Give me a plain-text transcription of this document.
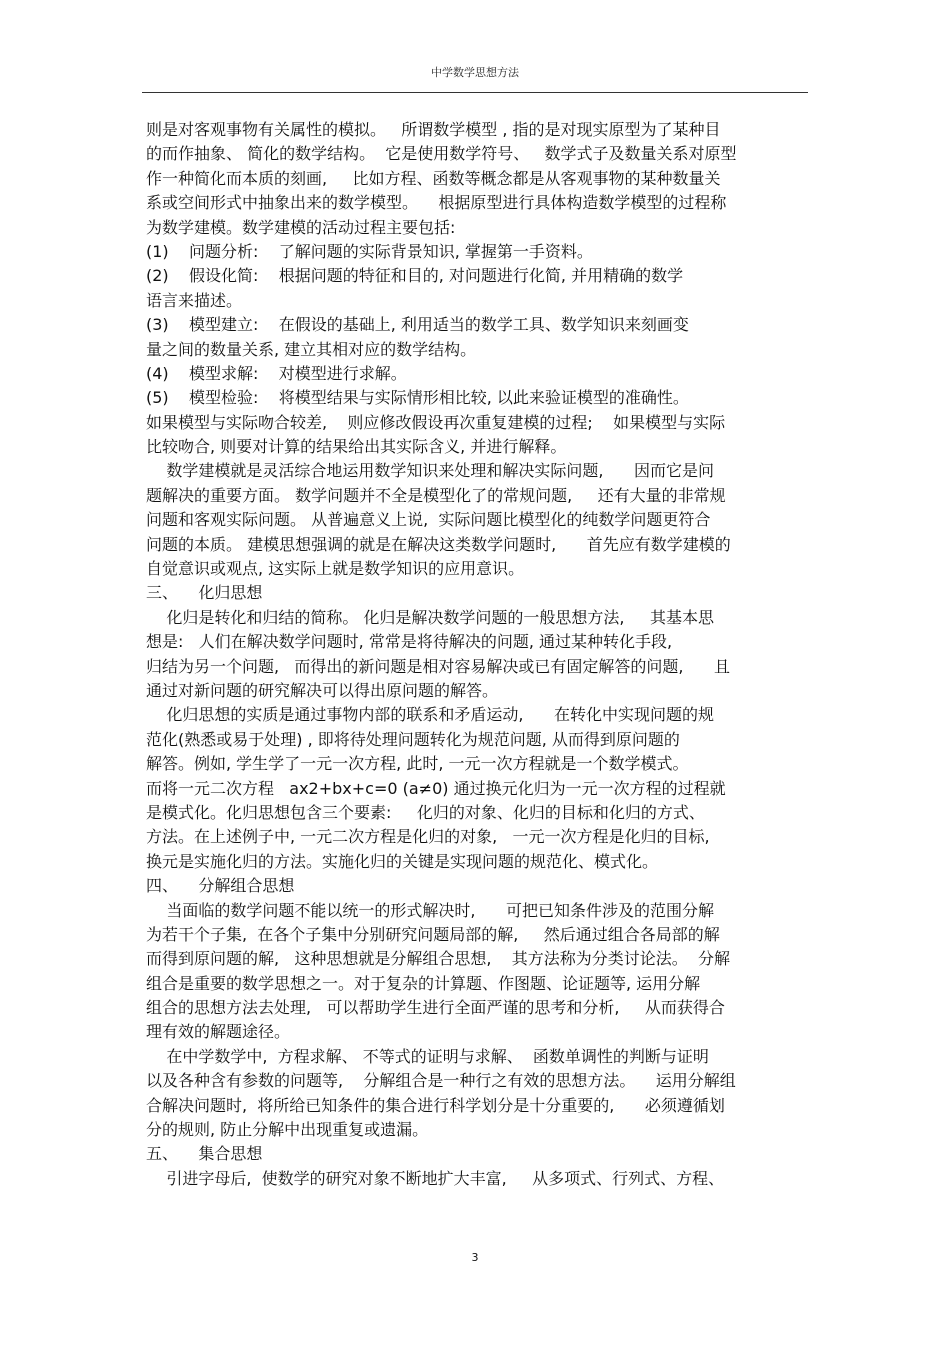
中学数学思想方法
则是对客观事物有关属性的模拟。   所谓数学模型 , 指的是对现实原型为了某种目
的而作抽象、 简化的数学结构。  它是使用数学符号、   数学式子及数量关系对原型
作一种简化而本质的刻画,     比如方程、函数等概念都是从客观事物的某种数量关
系或空间形式中抽象出来的数学模型。    根据原型进行具体构造数学模型的过程称
为数学建模。数学建模的活动过程主要包括:
(1)    问题分析:    了解问题的实际背景知识, 掌握第一手资料。
(2)    假设化简:    根据问题的特征和目的, 对问题进行化简, 并用精确的数学
语言来描述。
(3)    模型建立:    在假设的基础上, 利用适当的数学工具、数学知识来刻画变
量之间的数量关系, 建立其相对应的数学结构。
(4)    模型求解:    对模型进行求解。
(5)    模型检验:    将模型结果与实际情形相比较, 以此来验证模型的准确性。
如果模型与实际吻合较差,    则应修改假设再次重复建模的过程;    如果模型与实际
比较吻合, 则要对计算的结果给出其实际含义, 并进行解释。
数学建模就是灵活综合地运用数学知识来处理和解决实际问题,      因而它是问
题解决的重要方面。 数学问题并不全是模型化了的常规问题,     还有大量的非常规
问题和客观实际问题。 从普遍意义上说,  实际问题比模型化的纯数学问题更符合
问题的本质。 建模思想强调的就是在解决这类数学问题时,      首先应有数学建模的
自觉意识或观点, 这实际上就是数学知识的应用意识。
三、    化归思想
化归是转化和归结的简称。 化归是解决数学问题的一般思想方法,     其基本思
想是:   人们在解决数学问题时, 常常是将待解决的问题, 通过某种转化手段,
归结为另一个问题,   而得出的新问题是相对容易解决或已有固定解答的问题,      且
通过对新问题的研究解决可以得出原问题的解答。
化归思想的实质是通过事物内部的联系和矛盾运动,      在转化中实现问题的规
范化(熟悉或易于处理) , 即将待处理问题转化为规范问题, 从而得到原问题的
解答。例如, 学生学了一元一次方程, 此时, 一元一次方程就是一个数学模式。
而将一元二次方程   ax2+bx+c=0 (a≠0) 通过换元化归为一元一次方程的过程就
是模式化。化归思想包含三个要素:     化归的对象、化归的目标和化归的方式、
方法。在上述例子中, 一元二次方程是化归的对象,   一元一次方程是化归的目标,
换元是实施化归的方法。实施化归的关键是实现问题的规范化、模式化。
四、    分解组合思想
当面临的数学问题不能以统一的形式解决时,      可把已知条件涉及的范围分解
为若干个子集,  在各个子集中分别研究问题局部的解,     然后通过组合各局部的解
而得到原问题的解,   这种思想就是分解组合思想,    其方法称为分类讨论法。  分解
组合是重要的数学思想之一。对于复杂的计算题、作图题、论证题等, 运用分解
组合的思想方法去处理,   可以帮助学生进行全面严谨的思考和分析,     从而获得合
理有效的解题途径。
在中学数学中,  方程求解、 不等式的证明与求解、  函数单调性的判断与证明
以及各种含有参数的问题等,    分解组合是一种行之有效的思想方法。    运用分解组
合解决问题时,  将所给已知条件的集合进行科学划分是十分重要的,      必须遵循划
分的规则, 防止分解中出现重复或遗漏。
五、    集合思想
引进字母后,  使数学的研究对象不断地扩大丰富,     从多项式、行列式、方程、
3
